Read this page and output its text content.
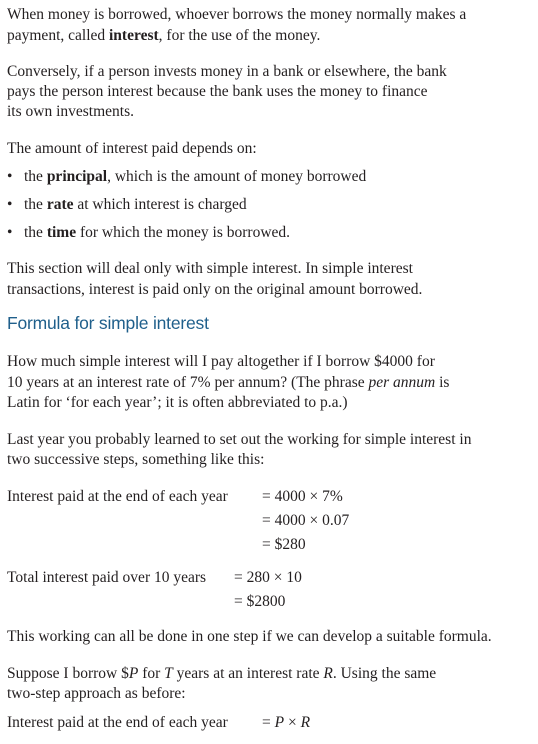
When money is borrowed, whoever borrows the money normally makes a
payment, called interest, for the use of the money.
Conversely, if a person invests money in a bank or elsewhere, the bank
pays the person interest because the bank uses the money to finance
its own investments.
The amount of interest paid depends on:
• the principal, which is the amount of money borrowed
• the rate at which interest is charged
• the time for which the money is borrowed.
This section will deal only with simple interest. In simple interest
transactions, interest is paid only on the original amount borrowed.
Formula for simple interest
How much simple interest will I pay altogether if I borrow $4000 for
10 years at an interest rate of 7% per annum? (The phrase per annum is
Latin for ‘for each year’; it is often abbreviated to p.a.)
Last year you probably learned to set out the working for simple interest in
two successive steps, something like this:
Interest paid at the end of each year = 4000 × 7%
= 4000 × 0.07
= $280
Total interest paid over 10 years = 280 × 10
= $2800
This working can all be done in one step if we can develop a suitable formula.
Suppose I borrow $P for T years at an interest rate R. Using the same
two-step approach as before:
Interest paid at the end of each year = P × R
